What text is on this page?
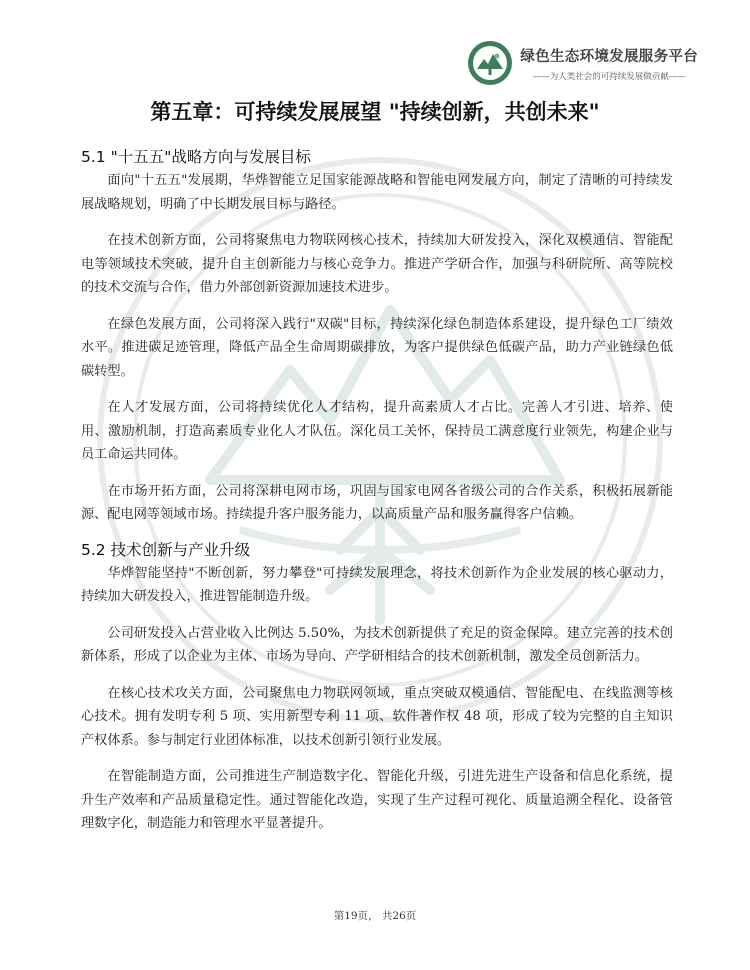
绿色生态环境发展服务平台
——为人类社会的可持续发展做贡献——
第五章：可持续发展展望 "持续创新，共创未来"
5.1 "十五五"战略方向与发展目标

面向"十五五"发展期，华烨智能立足国家能源战略和智能电网发展方向，制定了清晰的可持续发展战略规划，明确了中长期发展目标与路径。

在技术创新方面，公司将聚焦电力物联网核心技术，持续加大研发投入，深化双模通信、智能配电等领域技术突破，提升自主创新能力与核心竞争力。推进产学研合作，加强与科研院所、高等院校的技术交流与合作，借力外部创新资源加速技术进步。

在绿色发展方面，公司将深入践行"双碳"目标，持续深化绿色制造体系建设，提升绿色工厂绩效水平。推进碳足迹管理，降低产品全生命周期碳排放，为客户提供绿色低碳产品，助力产业链绿色低碳转型。

在人才发展方面，公司将持续优化人才结构，提升高素质人才占比。完善人才引进、培养、使用、激励机制，打造高素质专业化人才队伍。深化员工关怀，保持员工满意度行业领先，构建企业与员工命运共同体。

在市场开拓方面，公司将深耕电网市场，巩固与国家电网各省级公司的合作关系，积极拓展新能源、配电网等领域市场。持续提升客户服务能力，以高质量产品和服务赢得客户信赖。

5.2 技术创新与产业升级

华烨智能坚持"不断创新，努力攀登"可持续发展理念，将技术创新作为企业发展的核心驱动力，持续加大研发投入，推进智能制造升级。

公司研发投入占营业收入比例达 5.50%，为技术创新提供了充足的资金保障。建立完善的技术创新体系，形成了以企业为主体、市场为导向、产学研相结合的技术创新机制，激发全员创新活力。

在核心技术攻关方面，公司聚焦电力物联网领域，重点突破双模通信、智能配电、在线监测等核心技术。拥有发明专利 5 项、实用新型专利 11 项、软件著作权 48 项，形成了较为完整的自主知识产权体系。参与制定行业团体标准，以技术创新引领行业发展。

在智能制造方面，公司推进生产制造数字化、智能化升级，引进先进生产设备和信息化系统，提升生产效率和产品质量稳定性。通过智能化改造，实现了生产过程可视化、质量追溯全程化、设备管理数字化，制造能力和管理水平显著提升。

第19页， 共26页
